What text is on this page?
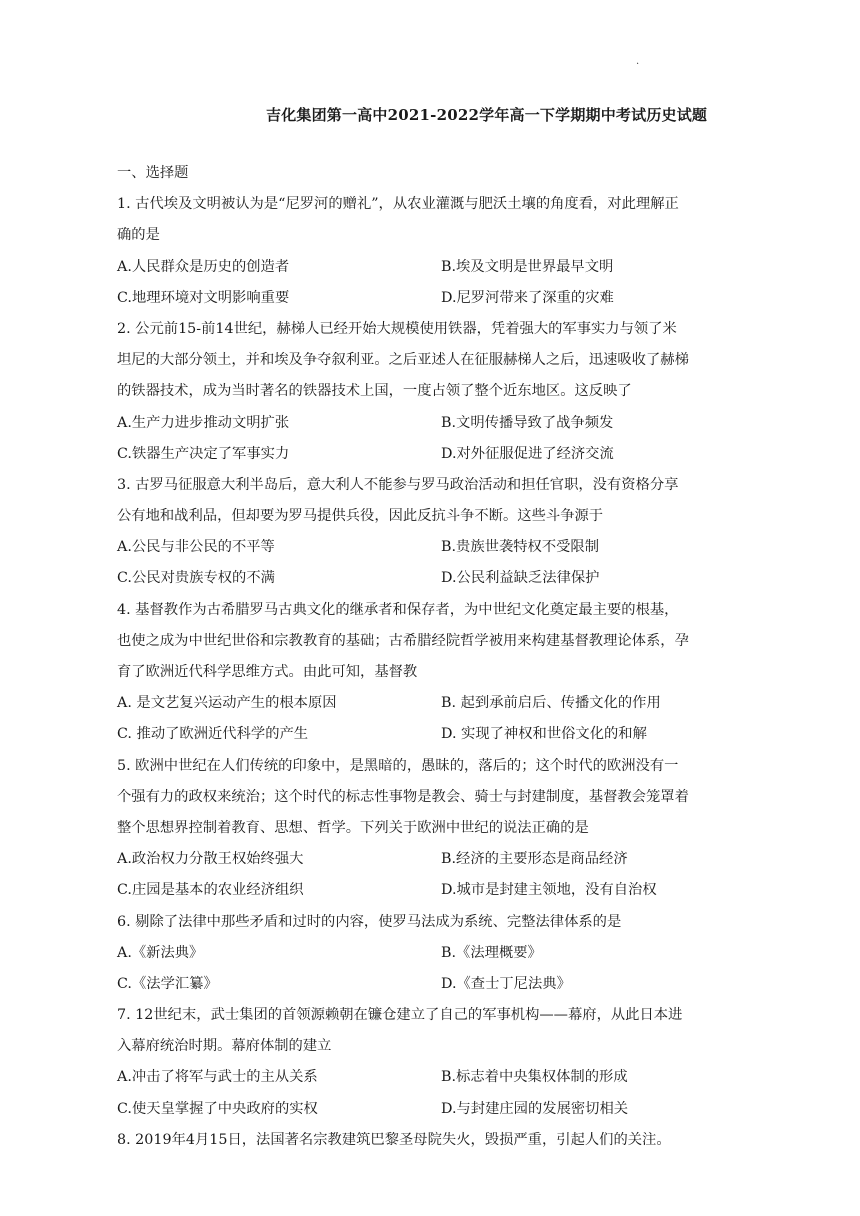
.
吉化集团第一高中2021-2022学年高一下学期期中考试历史试题
一、选择题
1. 古代埃及文明被认为是“尼罗河的赠礼”，从农业灌溉与肥沃土壤的角度看，对此理解正
确的是
A.人民群众是历史的创造者	B.埃及文明是世界最早文明
C.地理环境对文明影响重要	D.尼罗河带来了深重的灾难
2. 公元前15-前14世纪，赫梯人已经开始大规模使用铁器，凭着强大的军事实力与领了米
坦尼的大部分领土，并和埃及争夺叙利亚。之后亚述人在征服赫梯人之后，迅速吸收了赫梯
的铁器技术，成为当时著名的铁器技术上国，一度占领了整个近东地区。这反映了
A.生产力进步推动文明扩张	B.文明传播导致了战争频发
C.铁器生产决定了军事实力	D.对外征服促进了经济交流
3. 古罗马征服意大利半岛后，意大利人不能参与罗马政治活动和担任官职，没有资格分享
公有地和战利品，但却要为罗马提供兵役，因此反抗斗争不断。这些斗争源于
A.公民与非公民的不平等	B.贵族世袭特权不受限制
C.公民对贵族专权的不满	D.公民利益缺乏法律保护
4. 基督教作为古希腊罗马古典文化的继承者和保存者，为中世纪文化奠定最主要的根基，
也使之成为中世纪世俗和宗教教育的基础；古希腊经院哲学被用来构建基督教理论体系，孕
育了欧洲近代科学思维方式。由此可知，基督教
A. 是文艺复兴运动产生的根本原因	B. 起到承前启后、传播文化的作用
C. 推动了欧洲近代科学的产生	D. 实现了神权和世俗文化的和解
5. 欧洲中世纪在人们传统的印象中，是黑暗的，愚昧的，落后的；这个时代的欧洲没有一
个强有力的政权来统治；这个时代的标志性事物是教会、骑士与封建制度，基督教会笼罩着
整个思想界控制着教育、思想、哲学。下列关于欧洲中世纪的说法正确的是
A.政治权力分散王权始终强大	B.经济的主要形态是商品经济
C.庄园是基本的农业经济组织	D.城市是封建主领地，没有自治权
6. 剔除了法律中那些矛盾和过时的内容，使罗马法成为系统、完整法律体系的是
A.《新法典》	B.《法理概要》
C.《法学汇纂》	D.《查士丁尼法典》
7. 12世纪末，武士集团的首领源赖朝在镰仓建立了自己的军事机构——幕府，从此日本进
入幕府统治时期。幕府体制的建立
A.冲击了将军与武士的主从关系	B.标志着中央集权体制的形成
C.使天皇掌握了中央政府的实权	D.与封建庄园的发展密切相关
8. 2019年4月15日，法国著名宗教建筑巴黎圣母院失火，毁损严重，引起人们的关注。
